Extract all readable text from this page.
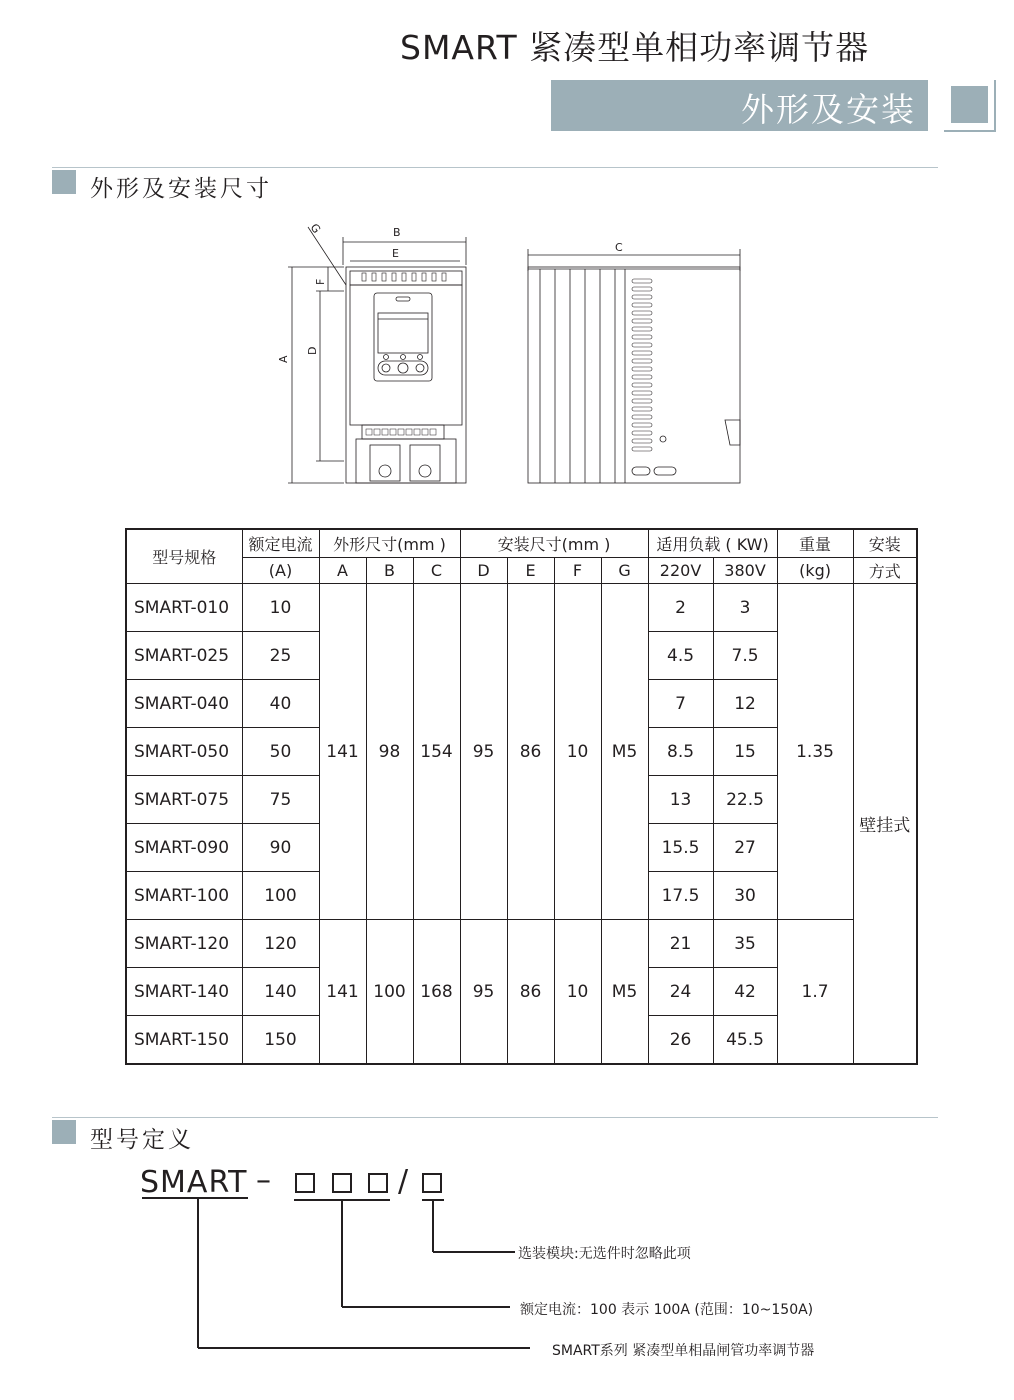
SMART 紧凑型单相功率调节器
外形及安装
外形及安装尺寸
B
E
G
A
D
F
C
型号规格	额定电流	外形尺寸(mm )			安装尺寸(mm )				适用负载 ( KW)		重量	安装
	(A)	A	B	C	D	E	F	G	220V	380V	(kg)	方式
SMART-010	10	141	98	154	95	86	10	M5	2	3	1.35	壁挂式
SMART-025	25								4.5	7.5		
SMART-040	40								7	12		
SMART-050	50								8.5	15		
SMART-075	75								13	22.5		
SMART-090	90								15.5	27		
SMART-100	100								17.5	30		
SMART-120	120	141	100	168	95	86	10	M5	21	35	1.7	
SMART-140	140								24	42		
SMART-150	150								26	45.5		
型号定义
SMART –	/
选装模块:无选件时忽略此项
额定电流：100 表示 100A (范围：10~150A)
SMART系列 紧凑型单相晶闸管功率调节器
